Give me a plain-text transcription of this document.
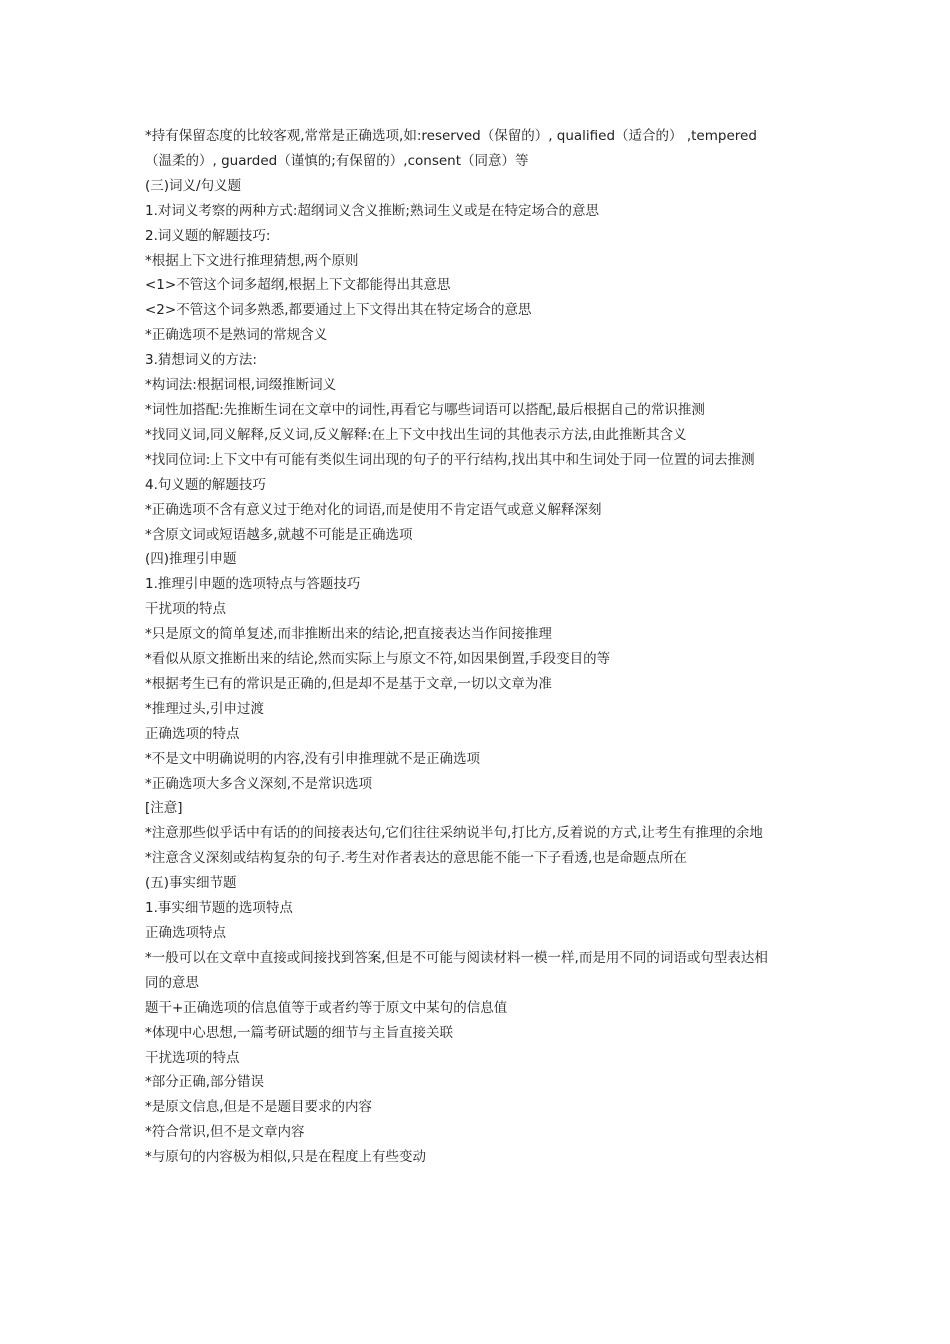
*持有保留态度的比较客观,常常是正确选项,如:reserved（保留的）, qualified（适合的） ,tempered

（温柔的）, guarded（谨慎的;有保留的）,consent（同意）等

(三)词义/句义题

1.对词义考察的两种方式:超纲词义含义推断;熟词生义或是在特定场合的意思

2.词义题的解题技巧:

*根据上下文进行推理猜想,两个原则

<1>不管这个词多超纲,根据上下文都能得出其意思

<2>不管这个词多熟悉,都要通过上下文得出其在特定场合的意思

*正确选项不是熟词的常规含义

3.猜想词义的方法:

*构词法:根据词根,词缀推断词义

*词性加搭配:先推断生词在文章中的词性,再看它与哪些词语可以搭配,最后根据自己的常识推测

*找同义词,同义解释,反义词,反义解释:在上下文中找出生词的其他表示方法,由此推断其含义

*找同位词:上下文中有可能有类似生词出现的句子的平行结构,找出其中和生词处于同一位置的词去推测

4.句义题的解题技巧

*正确选项不含有意义过于绝对化的词语,而是使用不肯定语气或意义解释深刻

*含原文词或短语越多,就越不可能是正确选项

(四)推理引申题

1.推理引申题的选项特点与答题技巧

干扰项的特点

*只是原文的简单复述,而非推断出来的结论,把直接表达当作间接推理

*看似从原文推断出来的结论,然而实际上与原文不符,如因果倒置,手段变目的等

*根据考生已有的常识是正确的,但是却不是基于文章,一切以文章为准

*推理过头,引申过渡

正确选项的特点

*不是文中明确说明的内容,没有引申推理就不是正确选项

*正确选项大多含义深刻,不是常识选项

[注意]

*注意那些似乎话中有话的的间接表达句,它们往往采纳说半句,打比方,反着说的方式,让考生有推理的余地

*注意含义深刻或结构复杂的句子.考生对作者表达的意思能不能一下子看透,也是命题点所在

(五)事实细节题

1.事实细节题的选项特点

正确选项特点

*一般可以在文章中直接或间接找到答案,但是不可能与阅读材料一模一样,而是用不同的词语或句型表达相

同的意思

题干+正确选项的信息值等于或者约等于原文中某句的信息值

*体现中心思想,一篇考研试题的细节与主旨直接关联

干扰选项的特点

*部分正确,部分错误

*是原文信息,但是不是题目要求的内容

*符合常识,但不是文章内容

*与原句的内容极为相似,只是在程度上有些变动
